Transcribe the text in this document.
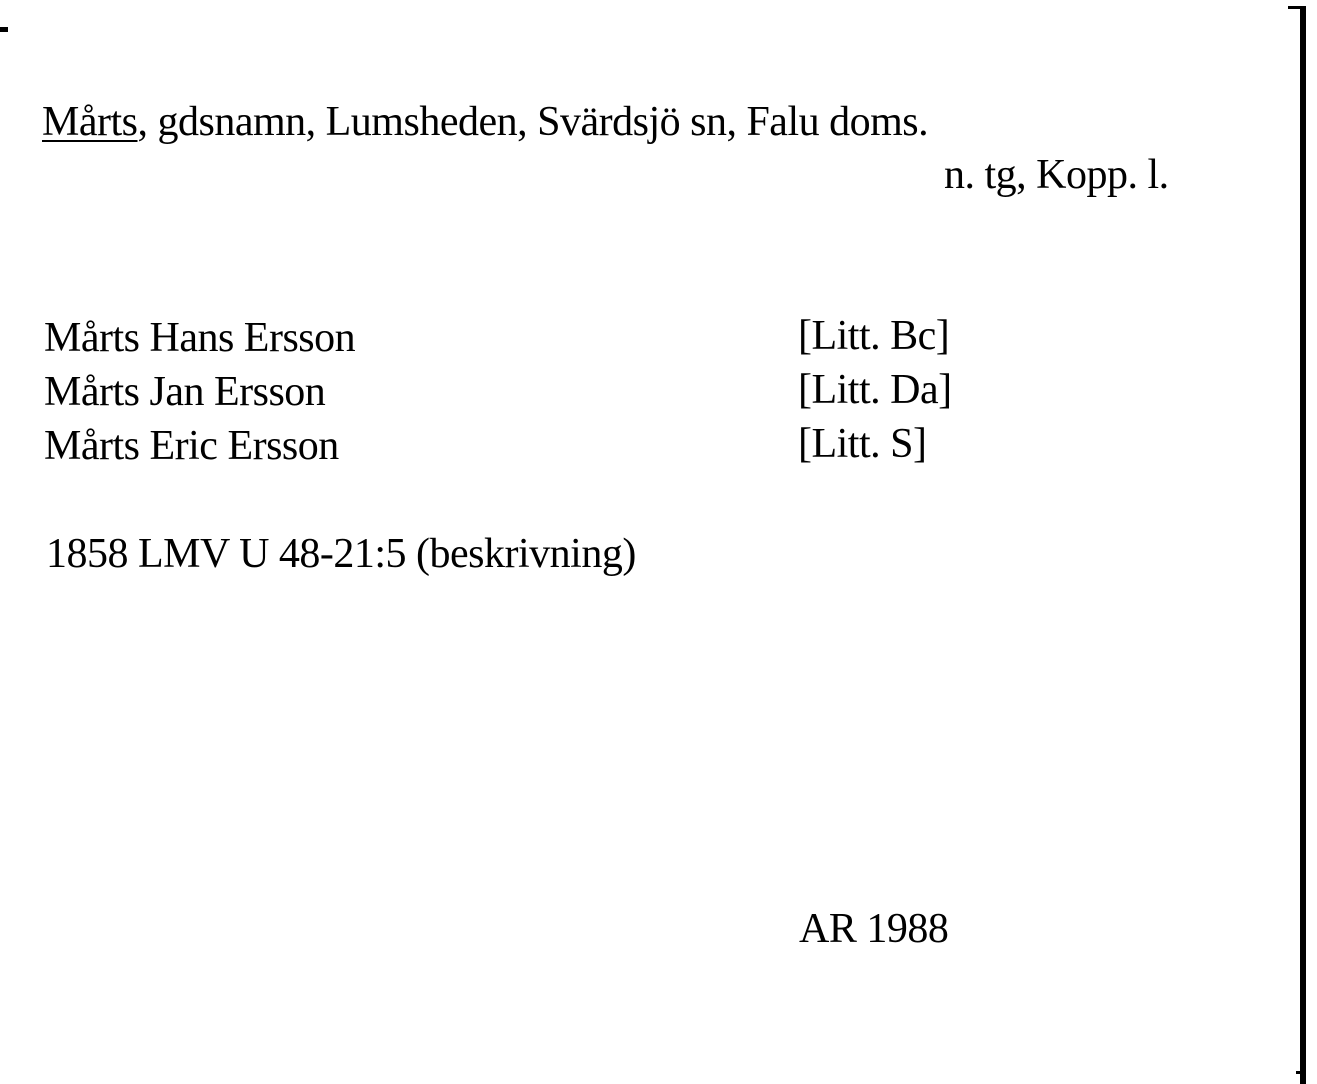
Mårts, gdsnamn, Lumsheden, Svärdsjö sn, Falu doms.
n. tg, Kopp. l.
Mårts Hans Ersson	[Litt. Bc]
Mårts Jan Ersson	[Litt. Da]
Mårts Eric Ersson	[Litt. S]
1858 LMV U 48-21:5 (beskrivning)
AR 1988
